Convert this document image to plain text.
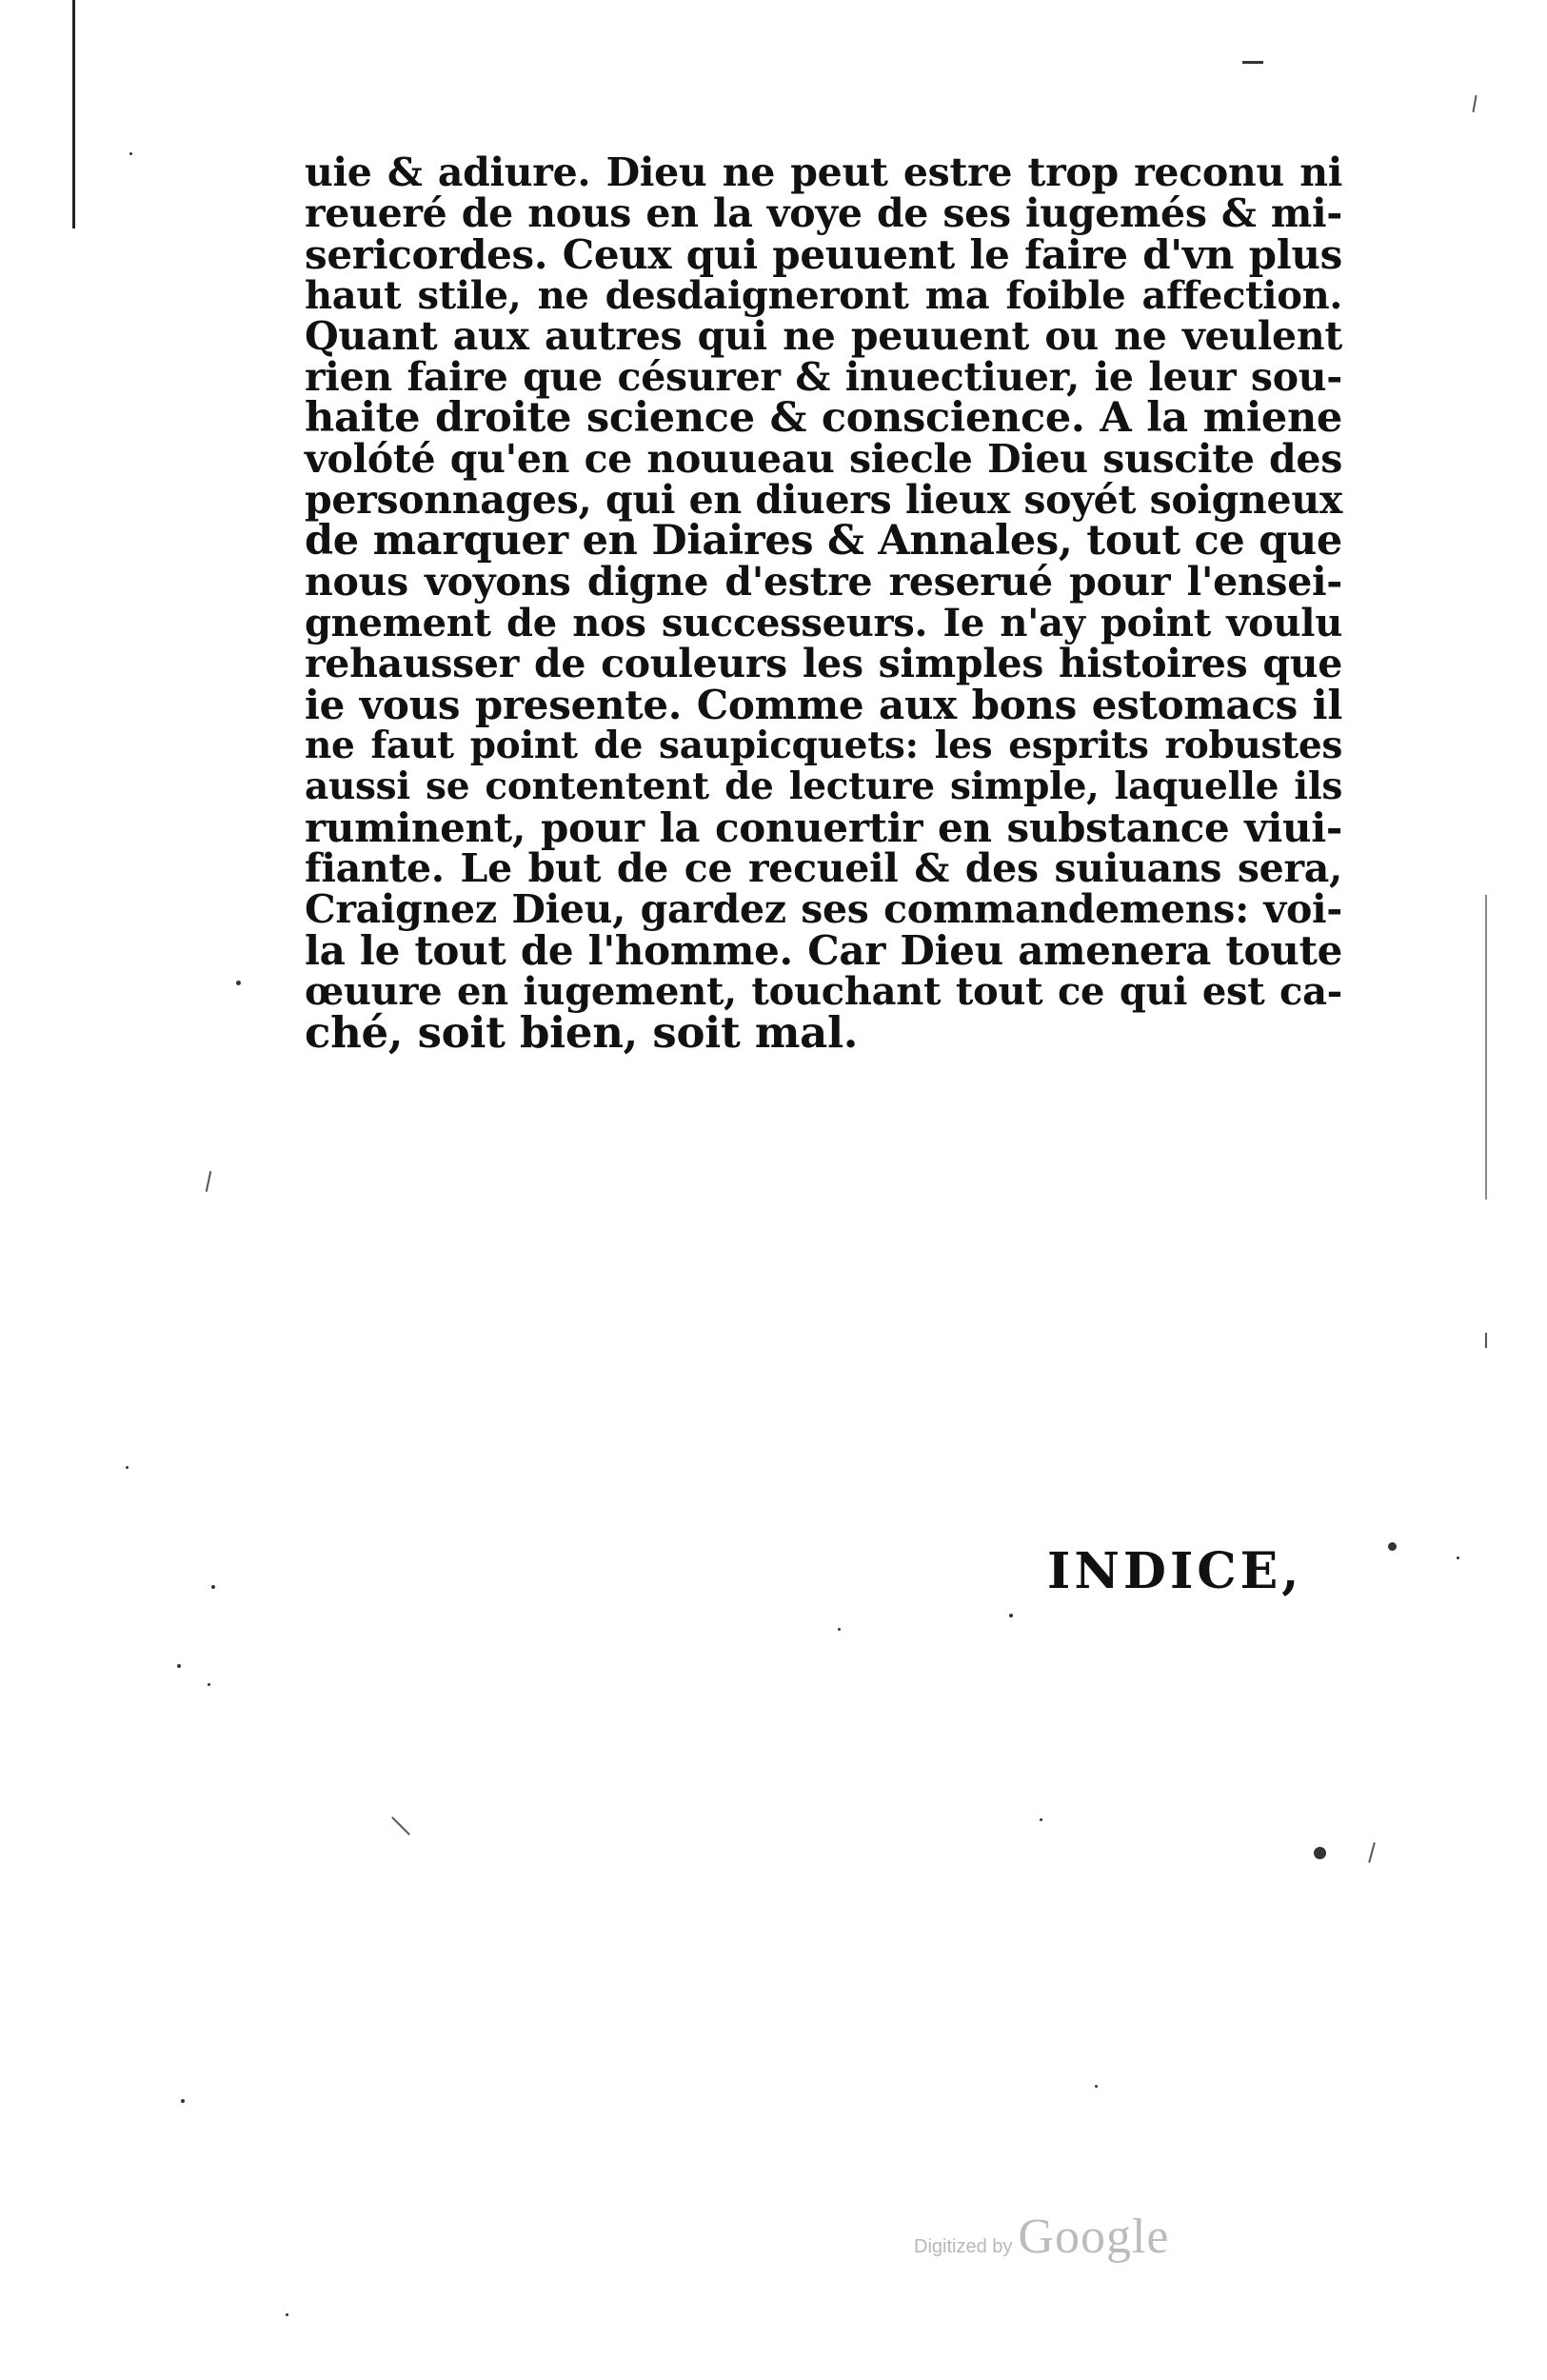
uie & adiure. Dieu ne peut estre trop reconu ni
reueré de nous en la voye de ses iugemés & mi-
sericordes. Ceux qui peuuent le faire d'vn plus
haut stile, ne desdaigneront ma foible affection.
Quant aux autres qui ne peuuent ou ne veulent
rien faire que césurer & inuectiuer, ie leur sou-
haite droite science & conscience. A la miene
volóté qu'en ce nouueau siecle Dieu suscite des
personnages, qui en diuers lieux soyét soigneux
de marquer en Diaires & Annales, tout ce que
nous voyons digne d'estre reserué pour l'ensei-
gnement de nos successeurs. Ie n'ay point voulu
rehausser de couleurs les simples histoires que
ie vous presente. Comme aux bons estomacs il
ne faut point de saupicquets: les esprits robustes
aussi se contentent de lecture simple, laquelle ils
ruminent, pour la conuertir en substance viui-
fiante. Le but de ce recueil & des suiuans sera,
Craignez Dieu, gardez ses commandemens: voi-
la le tout de l'homme. Car Dieu amenera toute
œuure en iugement, touchant tout ce qui est ca-
ché, soit bien, soit mal.
INDICE,
Digitized by Google
